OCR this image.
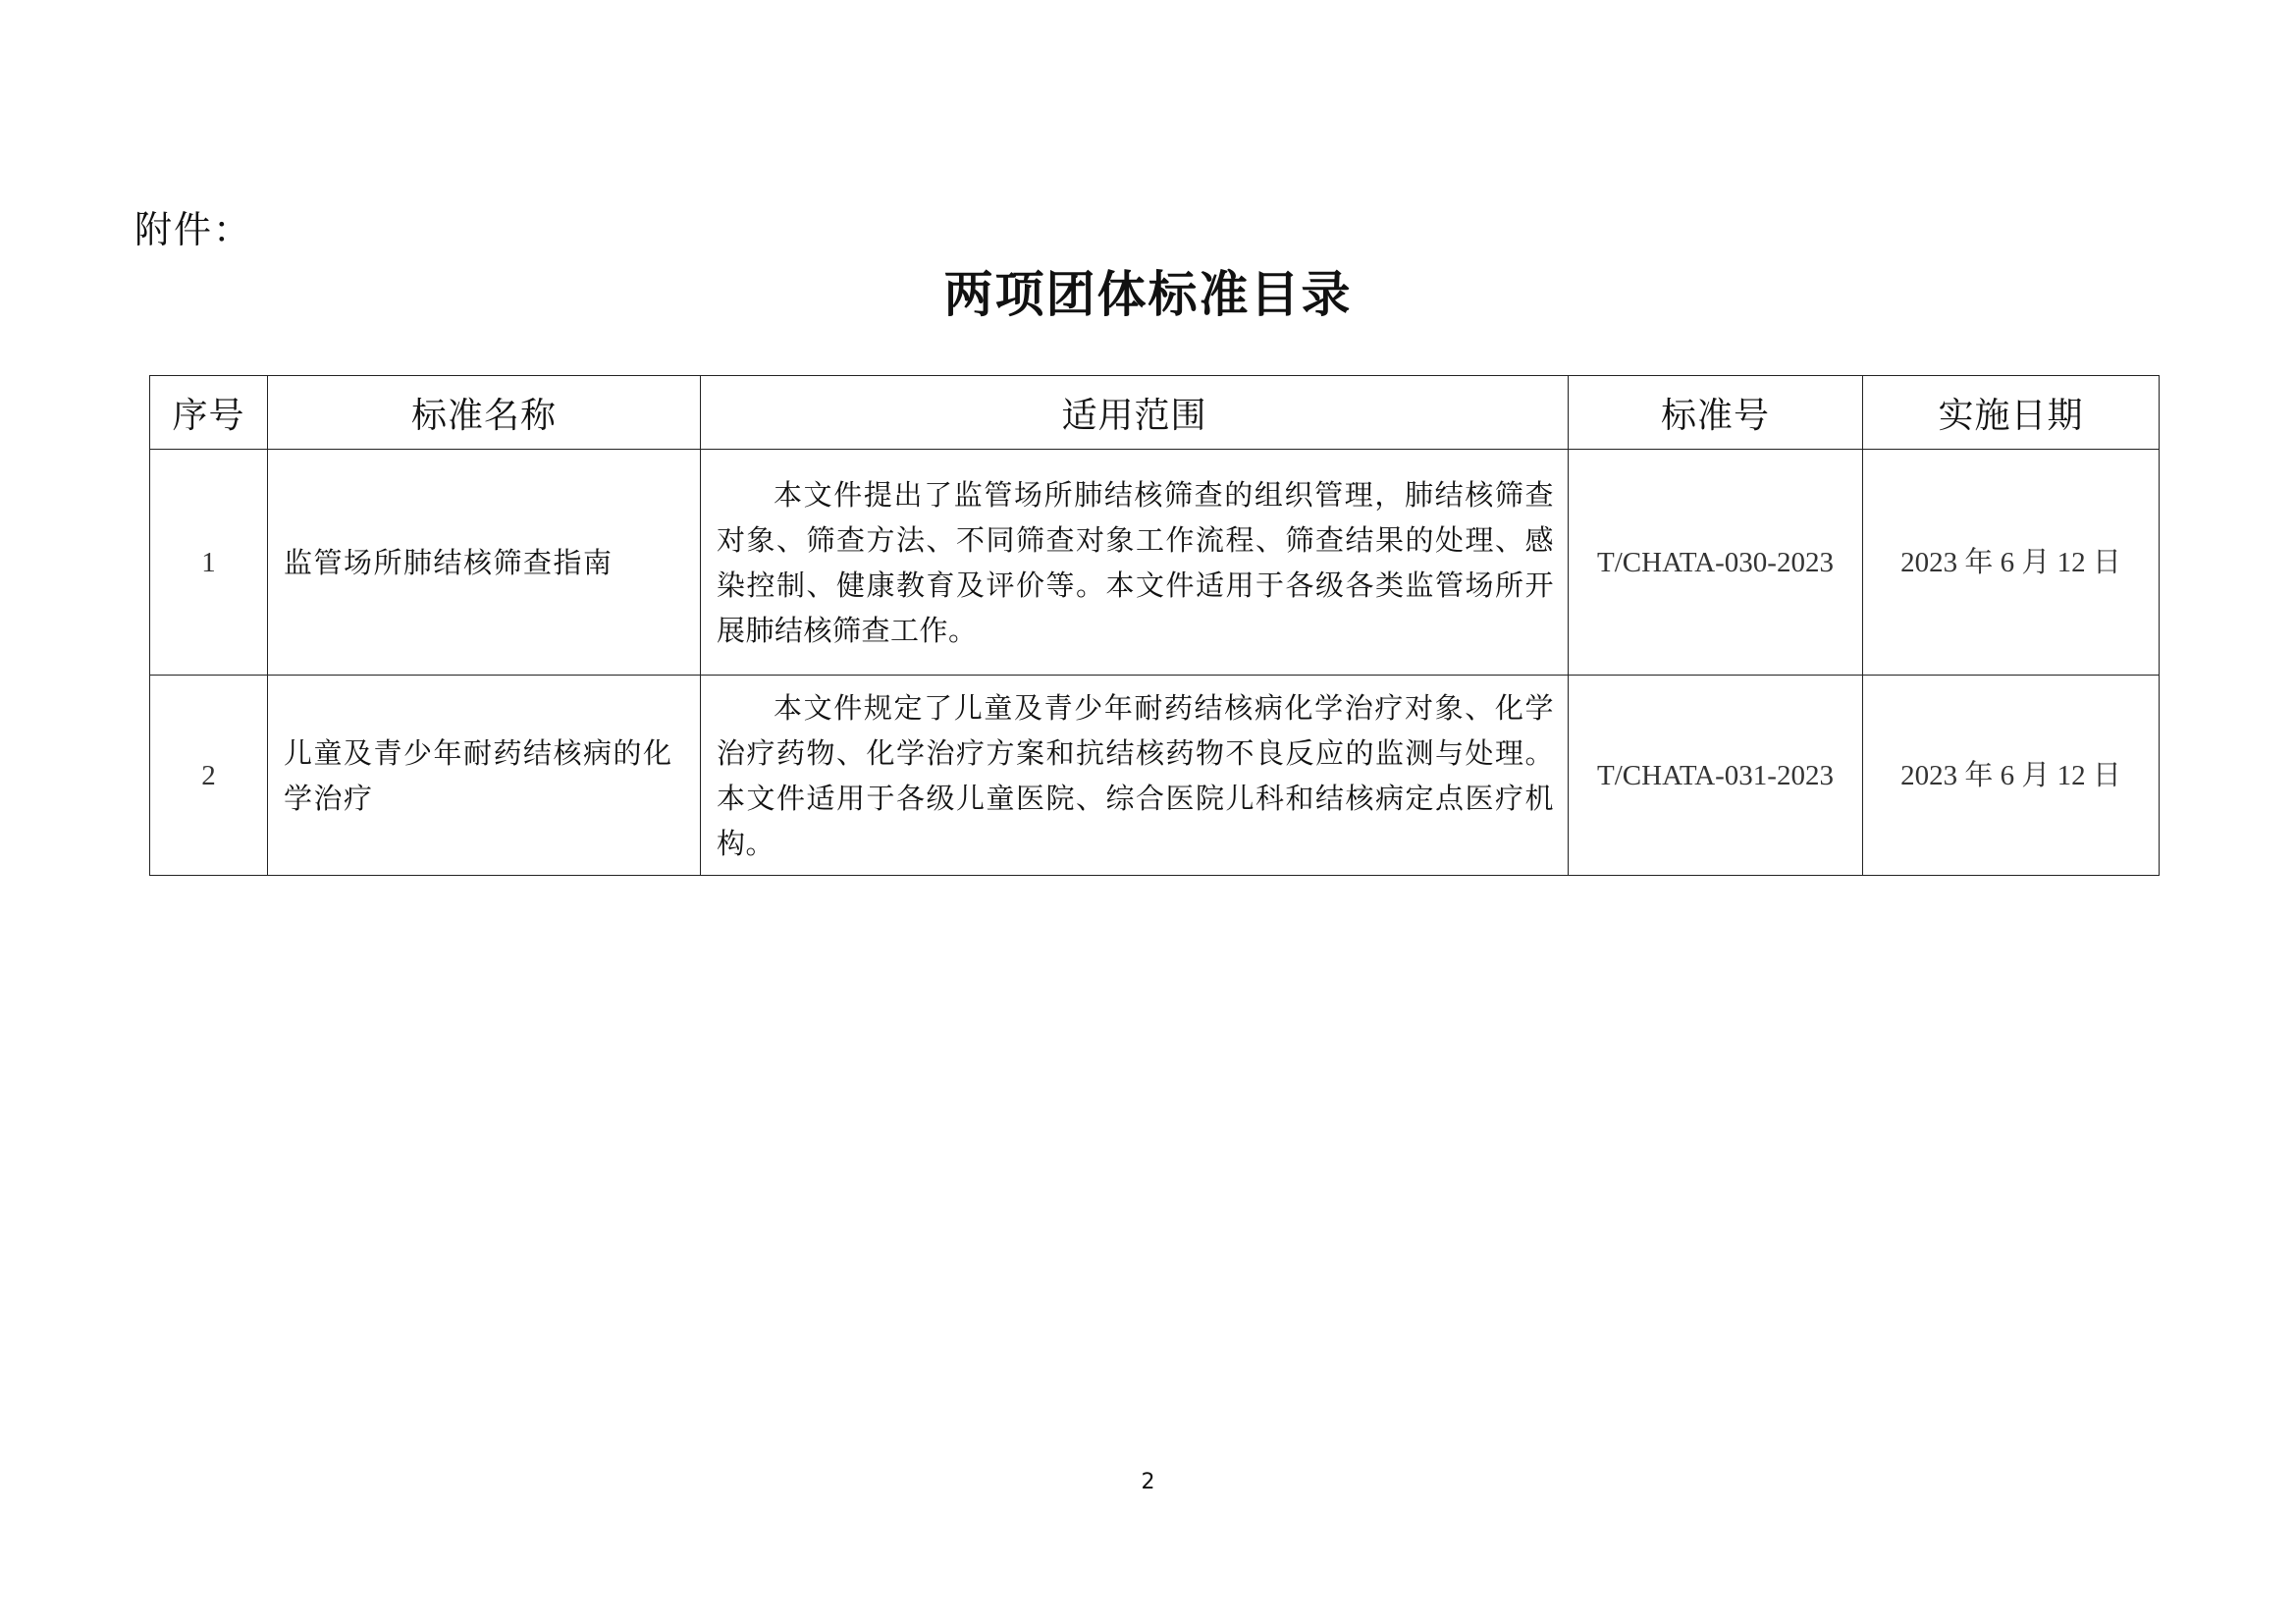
附件：
两项团体标准目录
序号	标准名称	适用范围	标准号	实施日期
1	监管场所肺结核筛查指南	本文件提出了监管场所肺结核筛查的组织管理，肺结核筛查对象、筛查方法、不同筛查对象工作流程、筛查结果的处理、感染控制、健康教育及评价等。本文件适用于各级各类监管场所开展肺结核筛查工作。	T/CHATA-030-2023	2023 年 6 月 12 日
2	儿童及青少年耐药结核病的化学治疗	本文件规定了儿童及青少年耐药结核病化学治疗对象、化学治疗药物、化学治疗方案和抗结核药物不良反应的监测与处理。本文件适用于各级儿童医院、综合医院儿科和结核病定点医疗机构。	T/CHATA-031-2023	2023 年 6 月 12 日
2
